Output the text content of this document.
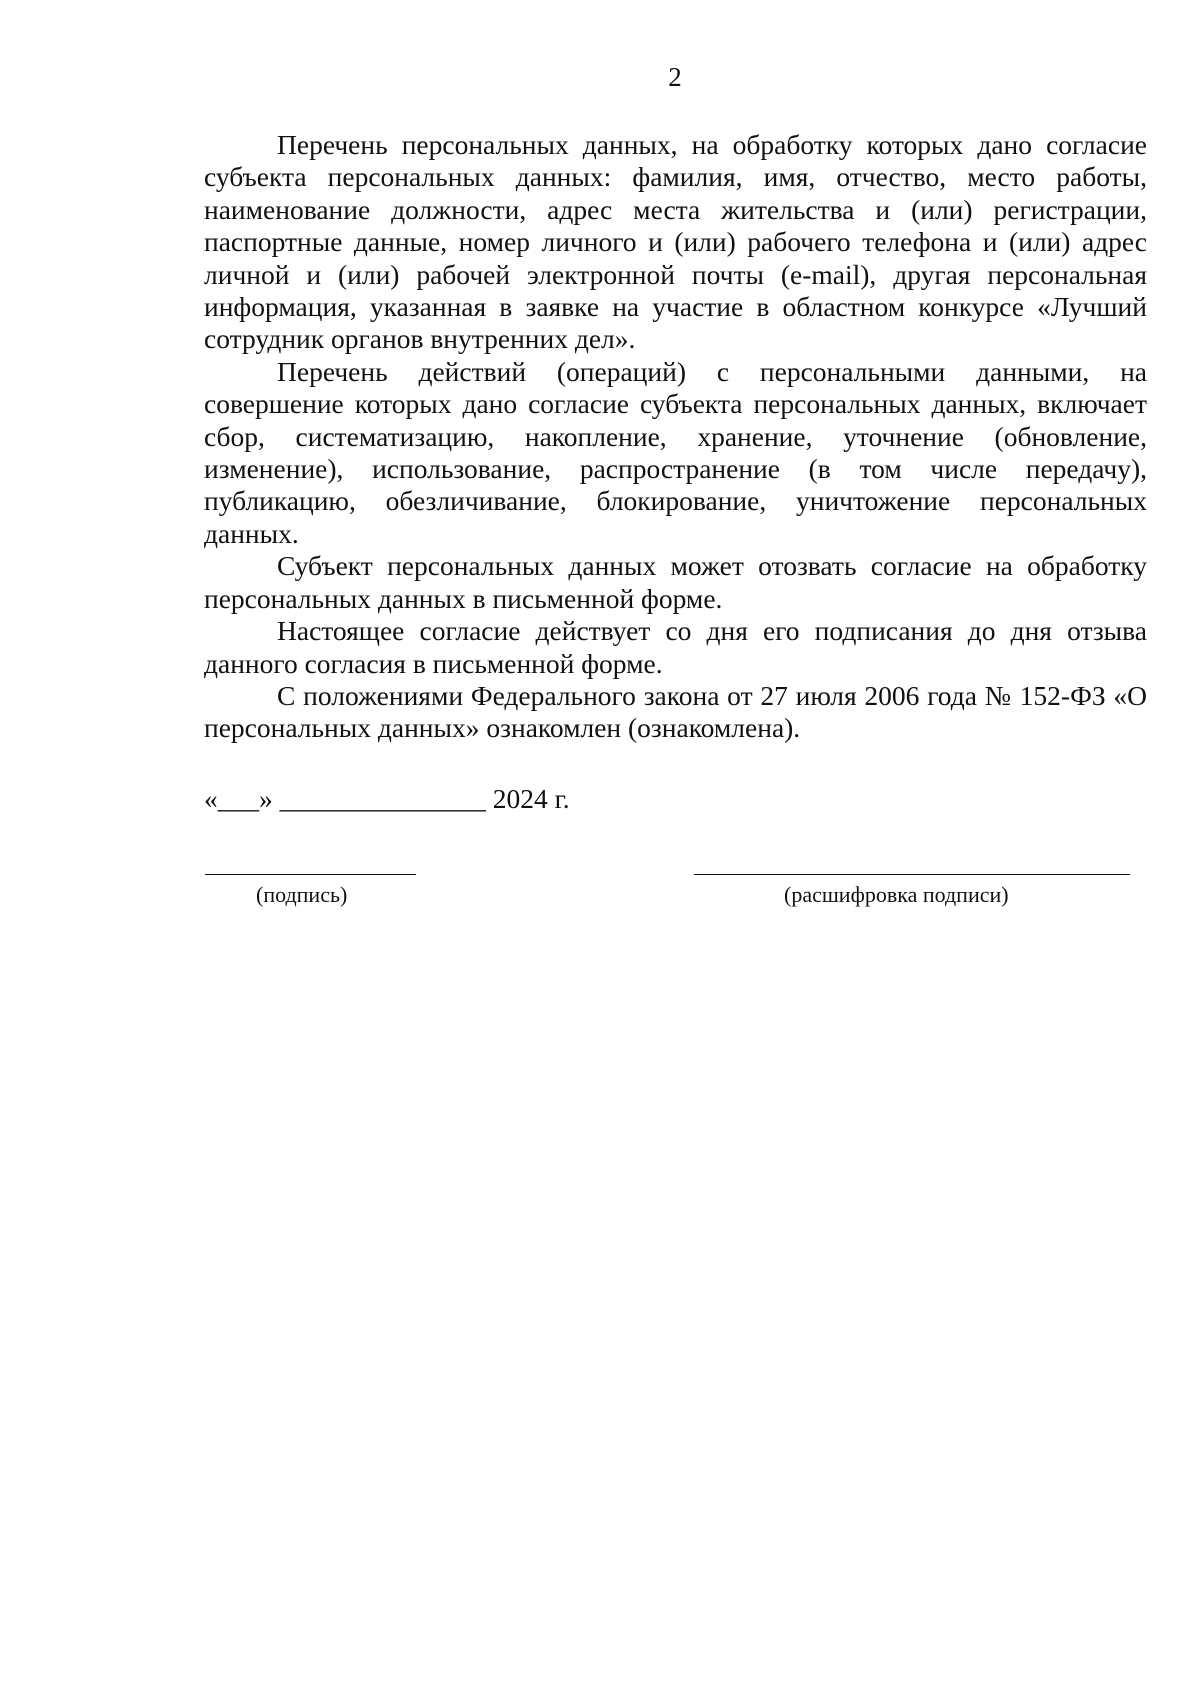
2

Перечень персональных данных, на обработку которых дано согласие субъекта персональных данных: фамилия, имя, отчество, место работы, наименование должности, адрес места жительства и (или) регистрации, паспортные данные, номер личного и (или) рабочего телефона и (или) адрес личной и (или) рабочей электронной почты (e-mail), другая персональная информация, указанная в заявке на участие в областном конкурсе «Лучший сотрудник органов внутренних дел».

Перечень действий (операций) с персональными данными, на совершение которых дано согласие субъекта персональных данных, включает сбор, систематизацию, накопление, хранение, уточнение (обновление, изменение), использование, распространение (в том числе передачу), публикацию, обезличивание, блокирование, уничтожение персональных данных.

Субъект персональных данных может отозвать согласие на обработку персональных данных в письменной форме.

Настоящее согласие действует со дня его подписания до дня отзыва данного согласия в письменной форме.

С положениями Федерального закона от 27 июля 2006 года № 152-ФЗ «О персональных данных» ознакомлен (ознакомлена).

«___» _______________ 2024 г.
(подпись)	(расшифровка подписи)
